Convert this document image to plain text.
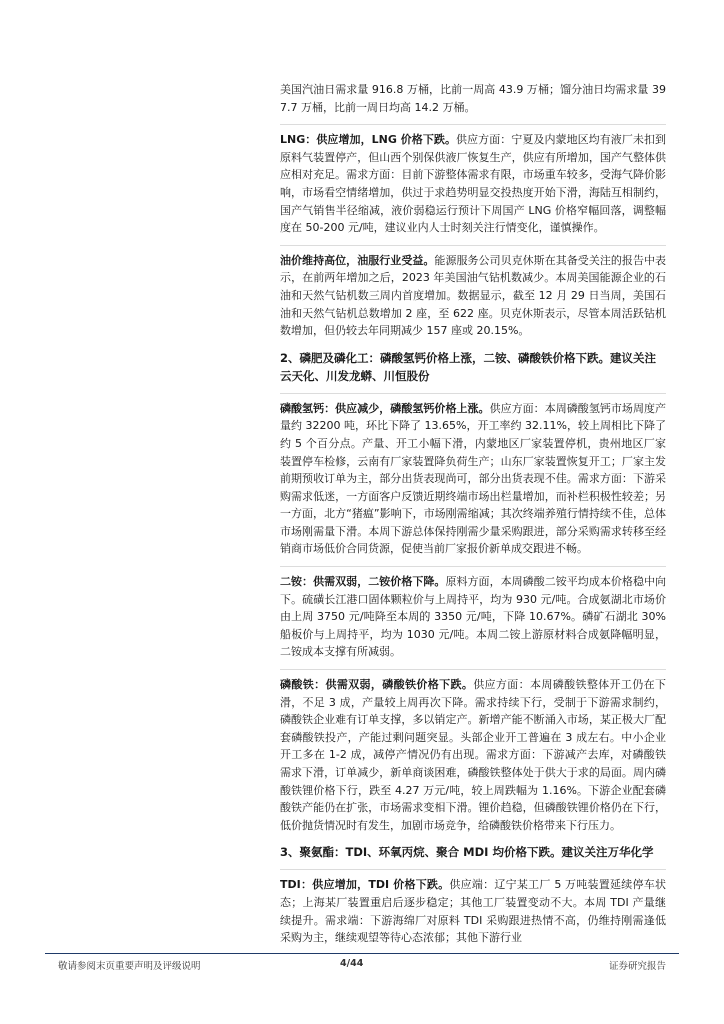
美国汽油日需求量 916.8 万桶，比前一周高 43.9 万桶；馏分油日均需求量 397.7 万桶，比前一周日均高 14.2 万桶。

LNG：供应增加，LNG 价格下跌。供应方面：宁夏及内蒙地区均有液厂未扣到原料气装置停产，但山西个别保供液厂恢复生产，供应有所增加，国产气整体供应相对充足。需求方面：目前下游整体需求有限，市场重车较多，受海气降价影响，市场看空情绪增加，供过于求趋势明显交投热度开始下滑，海陆互相制约，国产气销售半径缩减，液价弱稳运行预计下周国产 LNG 价格窄幅回落，调整幅度在 50-200 元/吨，建议业内人士时刻关注行情变化，谨慎操作。

油价维持高位，油服行业受益。能源服务公司贝克休斯在其备受关注的报告中表示，在前两年增加之后，2023 年美国油气钻机数减少。本周美国能源企业的石油和天然气钻机数三周内首度增加。数据显示，截至 12 月 29 日当周，美国石油和天然气钻机总数增加 2 座，至 622 座。贝克休斯表示，尽管本周活跃钻机数增加，但仍较去年同期减少 157 座或 20.15%。

2、磷肥及磷化工：磷酸氢钙价格上涨，二铵、磷酸铁价格下跌。建议关注云天化、川发龙蟒、川恒股份

磷酸氢钙：供应减少，磷酸氢钙价格上涨。供应方面：本周磷酸氢钙市场周度产量约 32200 吨，环比下降了 13.65%，开工率约 32.11%，较上周相比下降了约 5 个百分点。产量、开工小幅下滑，内蒙地区厂家装置停机，贵州地区厂家装置停车检修，云南有厂家装置降负荷生产；山东厂家装置恢复开工；厂家主发前期预收订单为主，部分出货表现尚可，部分出货表现不佳。需求方面：下游采购需求低迷，一方面客户反馈近期终端市场出栏量增加，而补栏积极性较差；另一方面，北方“猪瘟”影响下，市场刚需缩减；其次终端养殖行情持续不佳，总体市场刚需量下滑。本周下游总体保持刚需少量采购跟进，部分采购需求转移至经销商市场低价合同货源，促使当前厂家报价新单成交跟进不畅。

二铵：供需双弱，二铵价格下降。原料方面，本周磷酸二铵平均成本价格稳中向下。硫磺长江港口固体颗粒价与上周持平，均为 930 元/吨。合成氨湖北市场价由上周 3750 元/吨降至本周的 3350 元/吨，下降 10.67%。磷矿石湖北 30%船板价与上周持平，均为 1030 元/吨。本周二铵上游原材料合成氨降幅明显，二铵成本支撑有所减弱。

磷酸铁：供需双弱，磷酸铁价格下跌。供应方面：本周磷酸铁整体开工仍在下滑，不足 3 成，产量较上周再次下降。需求持续下行，受制于下游需求制约，磷酸铁企业难有订单支撑，多以销定产。新增产能不断涌入市场，某正极大厂配套磷酸铁投产，产能过剩问题突显。头部企业开工普遍在 3 成左右。中小企业开工多在 1-2 成，减停产情况仍有出现。需求方面：下游减产去库，对磷酸铁需求下滑，订单减少，新单商谈困难，磷酸铁整体处于供大于求的局面。周内磷酸铁锂价格下行，跌至 4.27 万元/吨，较上周跌幅为 1.16%。下游企业配套磷酸铁产能仍在扩张，市场需求变相下滑。锂价趋稳，但磷酸铁锂价格仍在下行，低价抛货情况时有发生，加剧市场竞争，给磷酸铁价格带来下行压力。

3、聚氨酯：TDI、环氧丙烷、聚合 MDI 均价格下跌。建议关注万华化学

TDI：供应增加，TDI 价格下跌。供应端：辽宁某工厂 5 万吨装置延续停车状态；上海某厂装置重启后逐步稳定；其他工厂装置变动不大。本周 TDI 产量继续提升。需求端：下游海绵厂对原料 TDI 采购跟进热情不高，仍维持刚需逢低采购为主，继续观望等待心态浓郁；其他下游行业

敬请参阅末页重要声明及评级说明	4/44	证券研究报告
